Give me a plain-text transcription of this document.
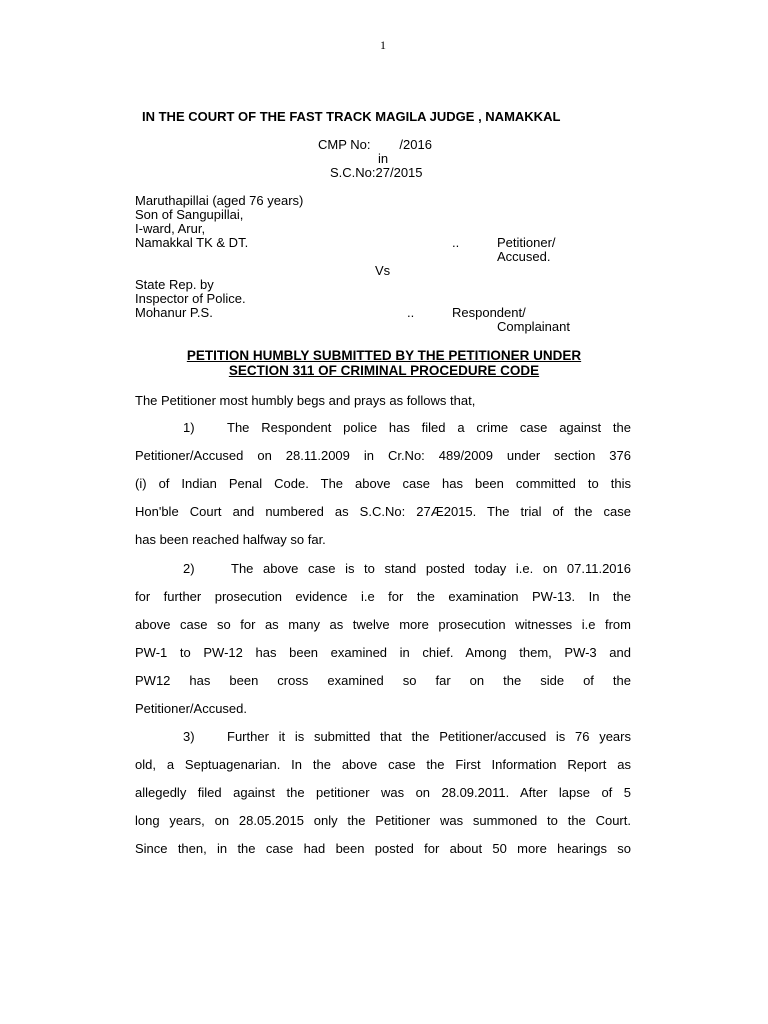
1
IN THE COURT OF THE FAST TRACK MAGILA JUDGE , NAMAKKAL
CMP No:        /2016
in
S.C.No:27/2015
Maruthapillai (aged 76 years)
Son of Sangupillai,
I-ward, Arur,
Namakkal TK & DT.	..	Petitioner/
Accused.
Vs
State Rep. by
Inspector of Police.
Mohanur P.S.	..	Respondent/
Complainant
PETITION HUMBLY SUBMITTED BY THE PETITIONER UNDER
SECTION 311 OF CRIMINAL PROCEDURE CODE
The Petitioner most humbly begs and prays as follows that,
1) The Respondent police has filed a crime case against the
Petitioner/Accused on 28.11.2009 in Cr.No: 489/2009 under section 376
(i) of Indian Penal Code. The above case has been committed to this
Hon'ble Court and numbered as S.C.No: 27Æ2015. The trial of the case
has been reached halfway so far.
2)	The above case is to stand posted today i.e. on 07.11.2016
for further prosecution evidence i.e for the examination PW-13. In the
above case so for as many as twelve more prosecution witnesses i.e from
PW-1 to PW-12 has been examined in chief. Among them, PW-3 and
PW12 has been cross examined so far on the side of the
Petitioner/Accused.
3) Further it is submitted that the Petitioner/accused is 76 years
old, a Septuagenarian. In the above case the First Information Report as
allegedly filed against the petitioner was on 28.09.2011. After lapse of 5
long years, on 28.05.2015 only the Petitioner was summoned to the Court.
Since then, in the case had been posted for about 50 more hearings so
